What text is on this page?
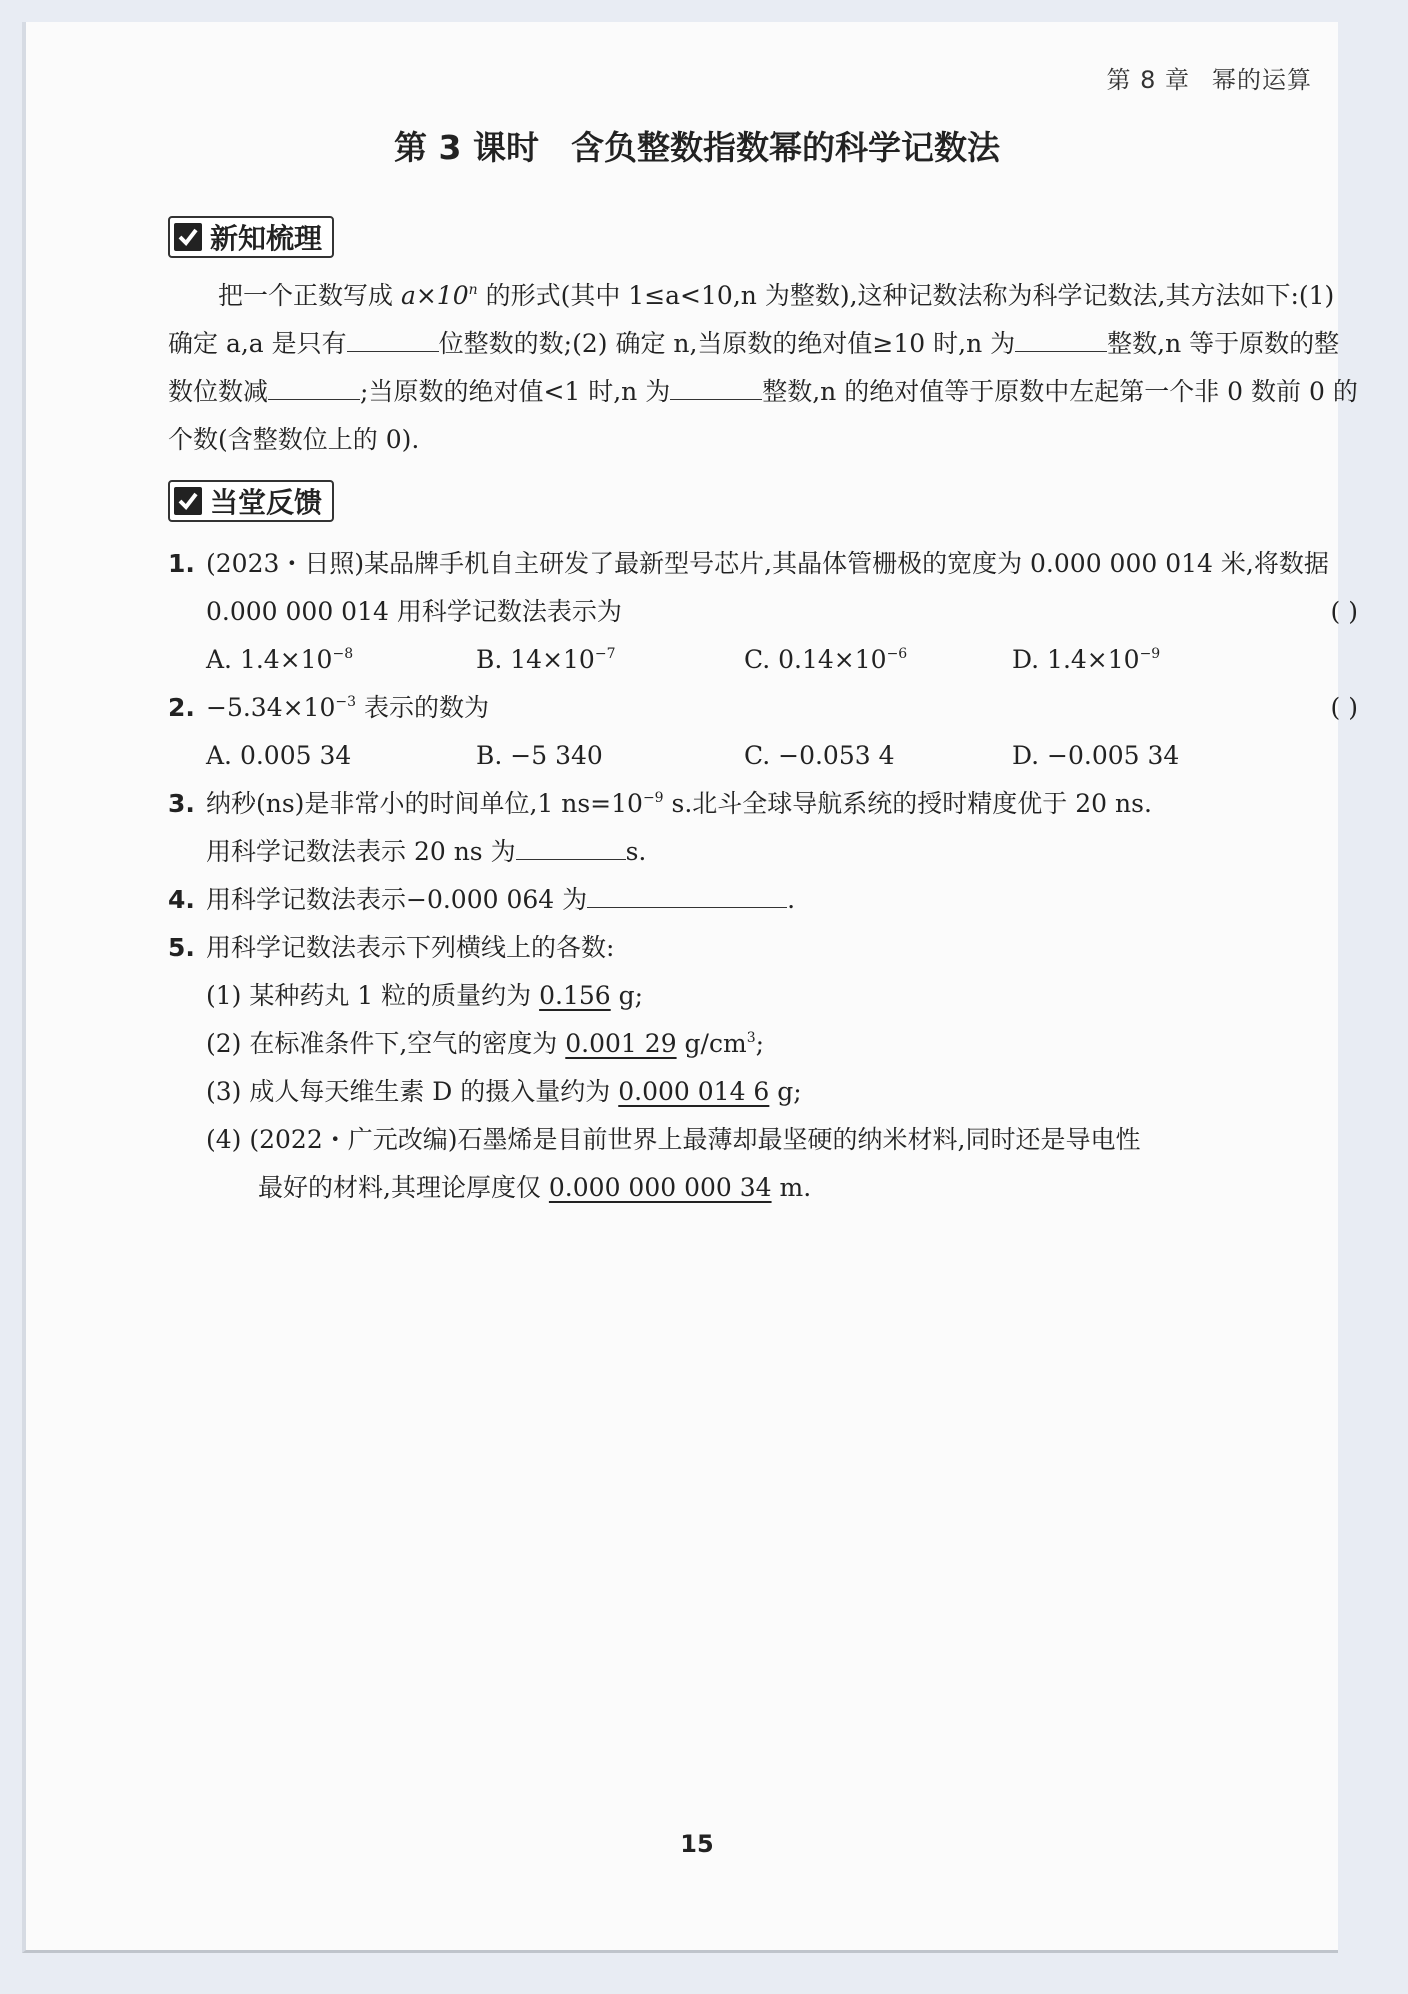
第 8 章 幂的运算
第 3 课时 含负整数指数幂的科学记数法
新知梳理
把一个正数写成 $a\times 10^n$ 的形式(其中 1≤a<10,n 为整数),这种记数法称为科学记数法,其方法如下:(1) 确定 a,a 是只有	位整数的数;(2) 确定 n,当原数的绝对值≥10 时,n 为	整数,n 等于原数的整数位数减	;当原数的绝对值<1 时,n 为	整数,n 的绝对值等于原数中左起第一个非 0 数前 0 的个数(含整数位上的 0).
当堂反馈
1. (2023・日照)某品牌手机自主研发了最新型号芯片,其晶体管栅极的宽度为 0.000 000 014 米,将数据 0.000 000 014 用科学记数法表示为	( )
A. $1.4\times 10^{-8}$	B. $14\times 10^{-7}$	C. $0.14\times 10^{-6}$	D. $1.4\times 10^{-9}$
2. $-5.34\times 10^{-3}$ 表示的数为	( )
A. 0.005 34	B. −5 340	C. −0.053 4	D. −0.005 34
3. 纳秒(ns)是非常小的时间单位,1 $ns=10^{-9}$ s.北斗全球导航系统的授时精度优于 20 ns.
用科学记数法表示 20 ns 为	s.
4. 用科学记数法表示−0.000 064 为	.
5. 用科学记数法表示下列横线上的各数:
(1) 某种药丸 1 粒的质量约为 0.156 g;
(2) 在标准条件下,空气的密度为 0.001 29 $g/cm^3$;
(3) 成人每天维生素 D 的摄入量约为 0.000 014 6 g;
(4) (2022・广元改编)石墨烯是目前世界上最薄却最坚硬的纳米材料,同时还是导电性
最好的材料,其理论厚度仅 0.000 000 000 34 m.
15
